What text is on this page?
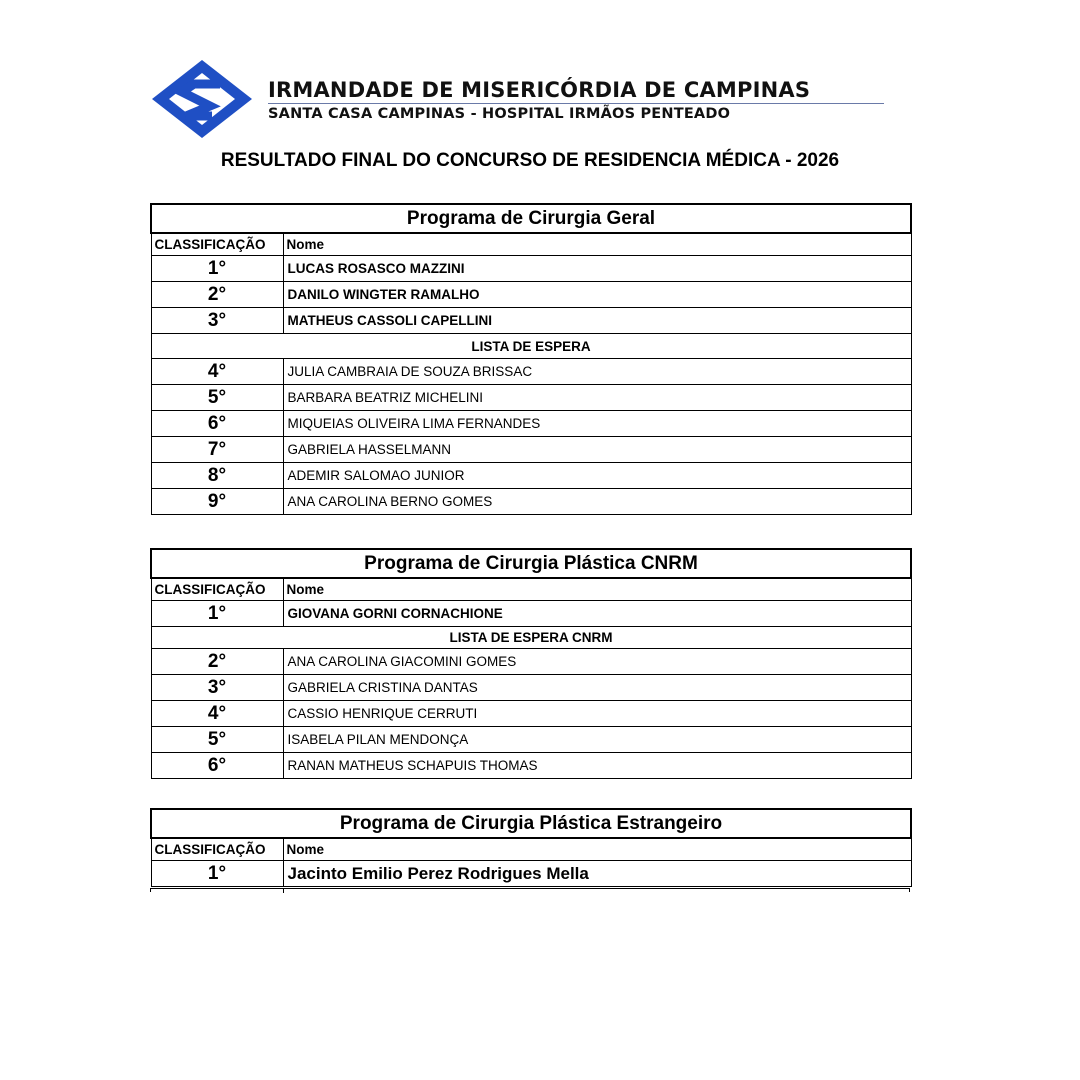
IRMANDADE DE MISERICÓRDIA DE CAMPINAS
SANTA CASA CAMPINAS - HOSPITAL IRMÃOS PENTEADO
RESULTADO FINAL DO CONCURSO DE RESIDENCIA MÉDICA - 2026
Programa de Cirurgia Geral	
CLASSIFICAÇÃO	Nome
1°	LUCAS ROSASCO MAZZINI
2°	DANILO WINGTER RAMALHO
3°	MATHEUS CASSOLI CAPELLINI
LISTA DE ESPERA	
4°	JULIA CAMBRAIA DE SOUZA BRISSAC
5°	BARBARA BEATRIZ MICHELINI
6°	MIQUEIAS OLIVEIRA LIMA FERNANDES
7°	GABRIELA HASSELMANN
8°	ADEMIR SALOMAO JUNIOR
9°	ANA CAROLINA BERNO GOMES
Programa de Cirurgia Plástica CNRM	
CLASSIFICAÇÃO	Nome
1°	GIOVANA GORNI CORNACHIONE
LISTA DE ESPERA CNRM	
2°	ANA CAROLINA GIACOMINI GOMES
3°	GABRIELA CRISTINA DANTAS
4°	CASSIO HENRIQUE CERRUTI
5°	ISABELA PILAN MENDONÇA
6°	RANAN MATHEUS SCHAPUIS THOMAS
Programa de Cirurgia Plástica Estrangeiro	
CLASSIFICAÇÃO	Nome
1°	Jacinto Emilio Perez Rodrigues Mella
